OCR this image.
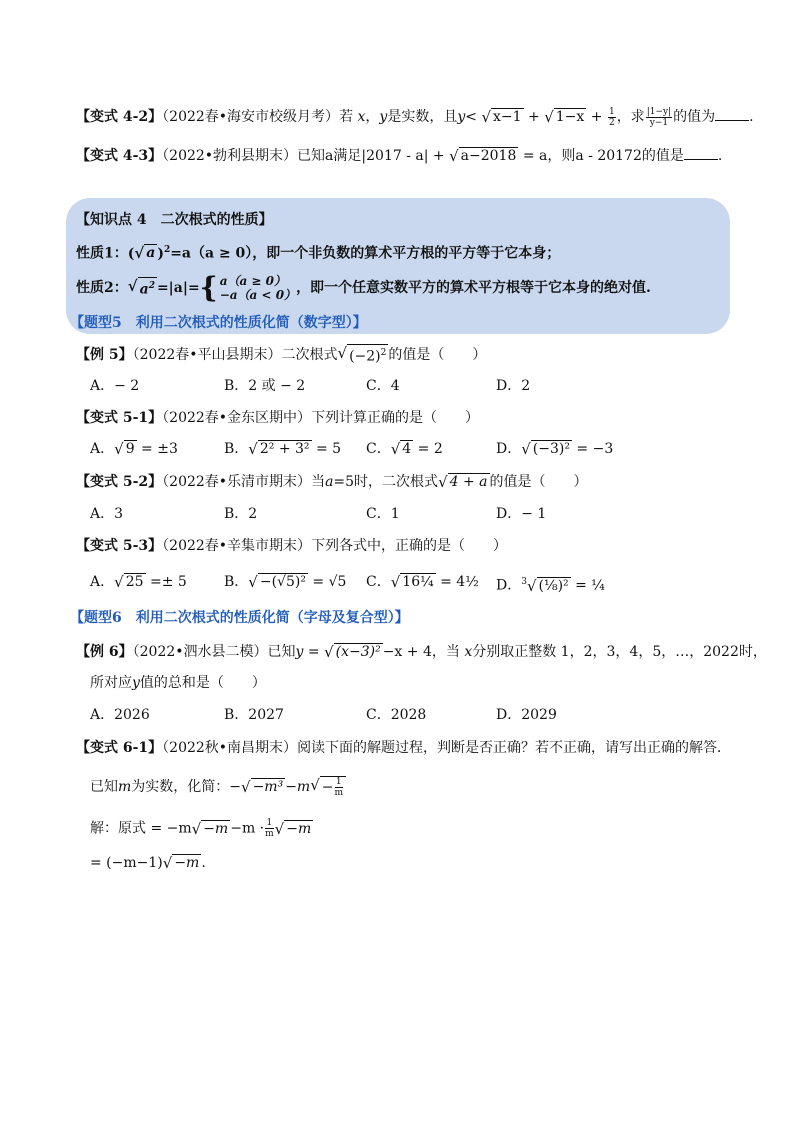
【变式 4-2】（2022春•海安市校级月考）若 x，y是实数，且y< √ x−1 + √ $1-x + \frac{1}{2}$ ，求 $\frac{|1-y|}{y-1}$ 的值为 .
【变式 4-3】（2022•勃利县期末）已知a满足|2017 - a| + √ a−2018 = a，则a - 20172的值是 .
【知识点 4　二次根式的性质】
性质1：( √ a )$^2$=a（a ≥ 0），即一个非负数的算术平方根的平方等于它本身；
性质2： √ $a^2 =|a|=$ { a（a ≥ 0）
−a（a < 0） ，即一个任意实数平方的算术平方根等于它本身的绝对值.
【题型5　利用二次根式的性质化简（数字型）】
【例 5】（2022春•平山县期末）二次根式 √ $(-2)^2$ 的值是（　　）
A．− 2	B．2 或 − 2	C．4	D．2
【变式 5-1】（2022春•金东区期中）下列计算正确的是（　　）
A． √ 9 = ±3	B． √ 2² + 3² = 5 C． √ 4 = 2	D． √ (−3)² = −3
【变式 5-2】（2022春•乐清市期末）当a=5时，二次根式 √ 4 + a 的值是（　　）
A．3	B．2	C．1	D．− 1
【变式 5-3】（2022春•辛集市期末）下列各式中，正确的是（　　）
A． √ 25 =± 5	B． √ −(√5)² = √5 C． √ 16¼ = 4½ D．$^3$ √ (⅛)² = ¼
【题型6　利用二次根式的性质化简（字母及复合型）】
【例 6】（2022•泗水县二模）已知y = √ (x−3)² −x + 4，当 x分别取正整数 1，2，3，4，5，…，2022时，
所对应y值的总和是（　　）
A．2026	B．2027	C．2028	D．2029
【变式 6-1】（2022秋•南昌期末）阅读下面的解题过程，判断是否正确？若不正确，请写出正确的解答．
已知m为实数，化简：− √ −m³ −m √ − $\frac{1}{m}$
解：原式 = −m √ $-m -m \cdot \frac{1}{m}$ √ −m
= (−m−1) √ −m .
